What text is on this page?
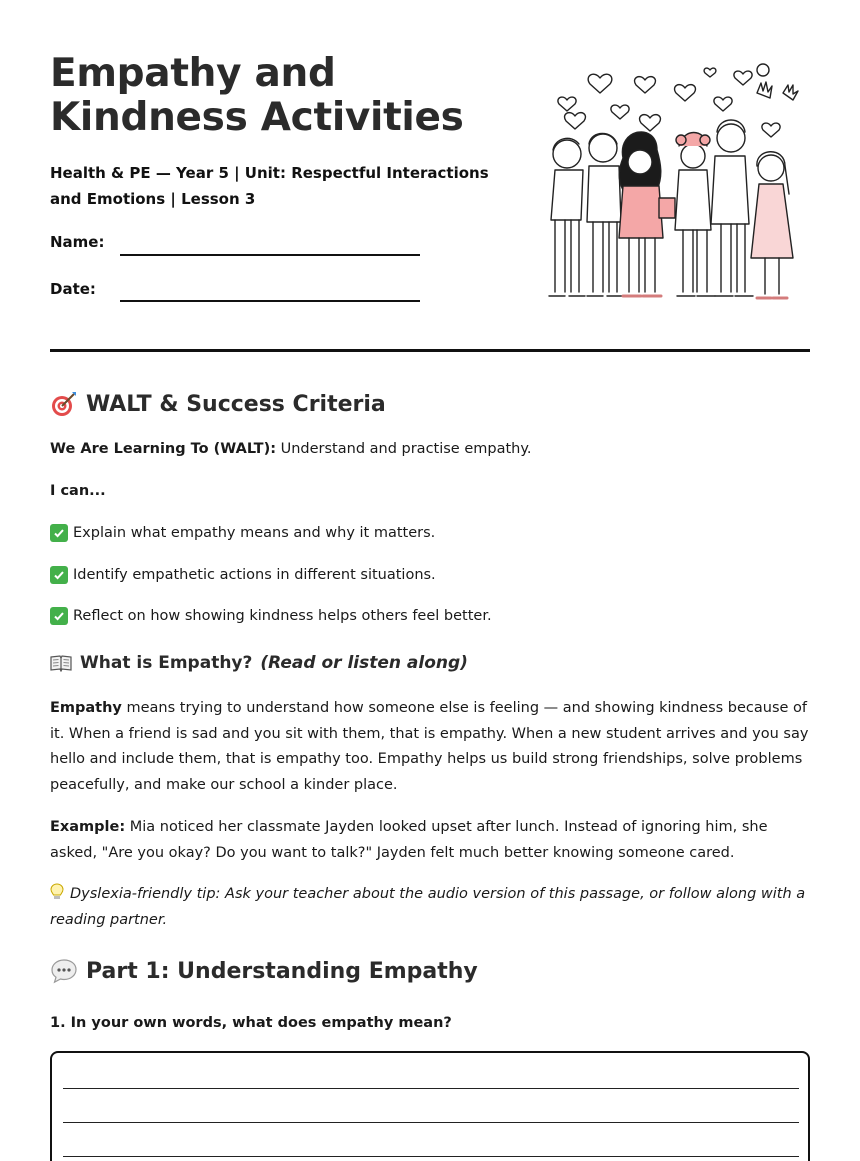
Empathy and Kindness Activities
Health & PE — Year 5 | Unit: Respectful Interactions and Emotions | Lesson 3
Name:
Date:
WALT & Success Criteria
We Are Learning To (WALT): Understand and practise empathy.
I can...
Explain what empathy means and why it matters.
Identify empathetic actions in different situations.
Reflect on how showing kindness helps others feel better.
What is Empathy? (Read or listen along)

Empathy means trying to understand how someone else is feeling — and showing kindness because of it. When a friend is sad and you sit with them, that is empathy. When a new student arrives and you say hello and include them, that is empathy too. Empathy helps us build strong friendships, solve problems peacefully, and make our school a kinder place.

Example: Mia noticed her classmate Jayden looked upset after lunch. Instead of ignoring him, she asked, "Are you okay? Do you want to talk?" Jayden felt much better knowing someone cared.

Dyslexia-friendly tip: Ask your teacher about the audio version of this passage, or follow along with a reading partner.

Part 1: Understanding Empathy
1. In your own words, what does empathy mean?
